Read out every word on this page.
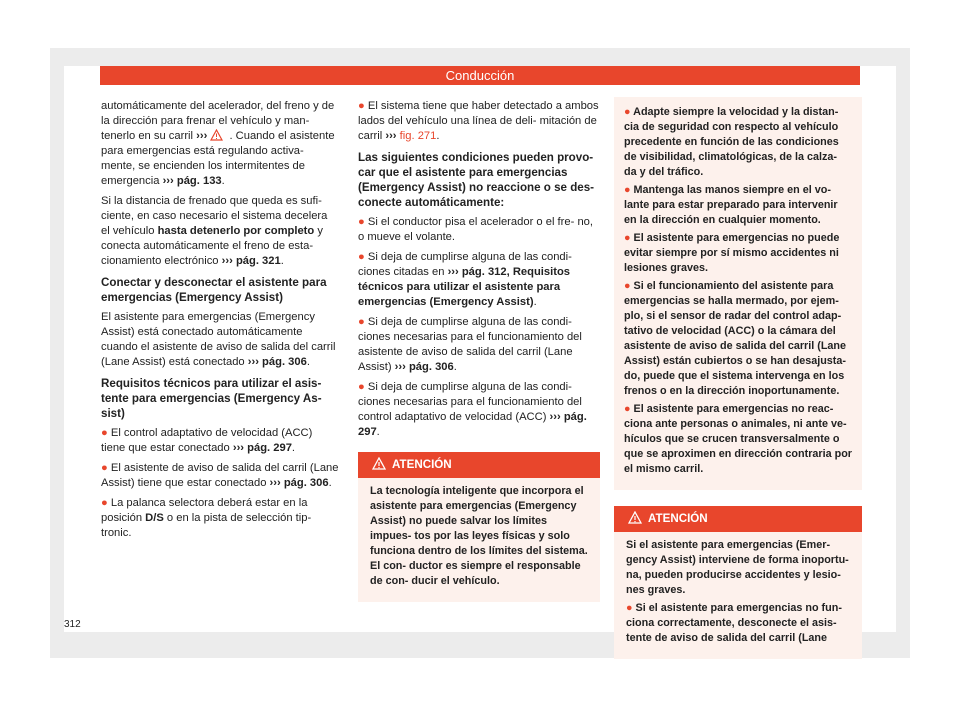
Conducción

automáticamente del acelerador, del freno y de la dirección para frenar el vehículo y man- tenerlo en su carril ››› . Cuando el asistente para emergencias está regulando activa- mente, se encienden los intermitentes de emergencia ››› pág. 133.

Si la distancia de frenado que queda es sufi- ciente, en caso necesario el sistema decelera el vehículo hasta detenerlo por completo y conecta automáticamente el freno de esta- cionamiento electrónico ››› pág. 321.

Conectar y desconectar el asistente para emergencias (Emergency Assist)

El asistente para emergencias (Emergency Assist) está conectado automáticamente cuando el asistente de aviso de salida del carril (Lane Assist) está conectado ››› pág. 306.

Requisitos técnicos para utilizar el asis- tente para emergencias (Emergency As- sist)

● El control adaptativo de velocidad (ACC) tiene que estar conectado ››› pág. 297.

● El asistente de aviso de salida del carril (Lane Assist) tiene que estar conectado ››› pág. 306.

● La palanca selectora deberá estar en la posición D/S o en la pista de selección tip- tronic.

● El sistema tiene que haber detectado a ambos lados del vehículo una línea de deli- mitación de carril ››› fig. 271.

Las siguientes condiciones pueden provo- car que el asistente para emergencias (Emergency Assist) no reaccione o se des- conecte automáticamente:

● Si el conductor pisa el acelerador o el fre- no, o mueve el volante.

● Si deja de cumplirse alguna de las condi- ciones citadas en ››› pág. 312, Requisitos técnicos para utilizar el asistente para emergencias (Emergency Assist).

● Si deja de cumplirse alguna de las condi- ciones necesarias para el funcionamiento del asistente de aviso de salida del carril (Lane Assist) ››› pág. 306.

● Si deja de cumplirse alguna de las condi- ciones necesarias para el funcionamiento del control adaptativo de velocidad (ACC) ››› pág. 297.

ATENCIÓN

La tecnología inteligente que incorpora el asistente para emergencias (Emergency Assist) no puede salvar los límites impues- tos por las leyes físicas y solo funciona dentro de los límites del sistema. El con- ductor es siempre el responsable de con- ducir el vehículo.

● Adapte siempre la velocidad y la distan- cia de seguridad con respecto al vehículo precedente en función de las condiciones de visibilidad, climatológicas, de la calza- da y del tráfico.

● Mantenga las manos siempre en el vo- lante para estar preparado para intervenir en la dirección en cualquier momento.

● El asistente para emergencias no puede evitar siempre por sí mismo accidentes ni lesiones graves.

● Si el funcionamiento del asistente para emergencias se halla mermado, por ejem- plo, si el sensor de radar del control adap- tativo de velocidad (ACC) o la cámara del asistente de aviso de salida del carril (Lane Assist) están cubiertos o se han desajusta- do, puede que el sistema intervenga en los frenos o en la dirección inoportunamente.

● El asistente para emergencias no reac- ciona ante personas o animales, ni ante ve- hículos que se crucen transversalmente o que se aproximen en dirección contraria por el mismo carril.

ATENCIÓN

Si el asistente para emergencias (Emer- gency Assist) interviene de forma inoportu- na, pueden producirse accidentes y lesio- nes graves.

● Si el asistente para emergencias no fun- ciona correctamente, desconecte el asis- tente de aviso de salida del carril (Lane

312
